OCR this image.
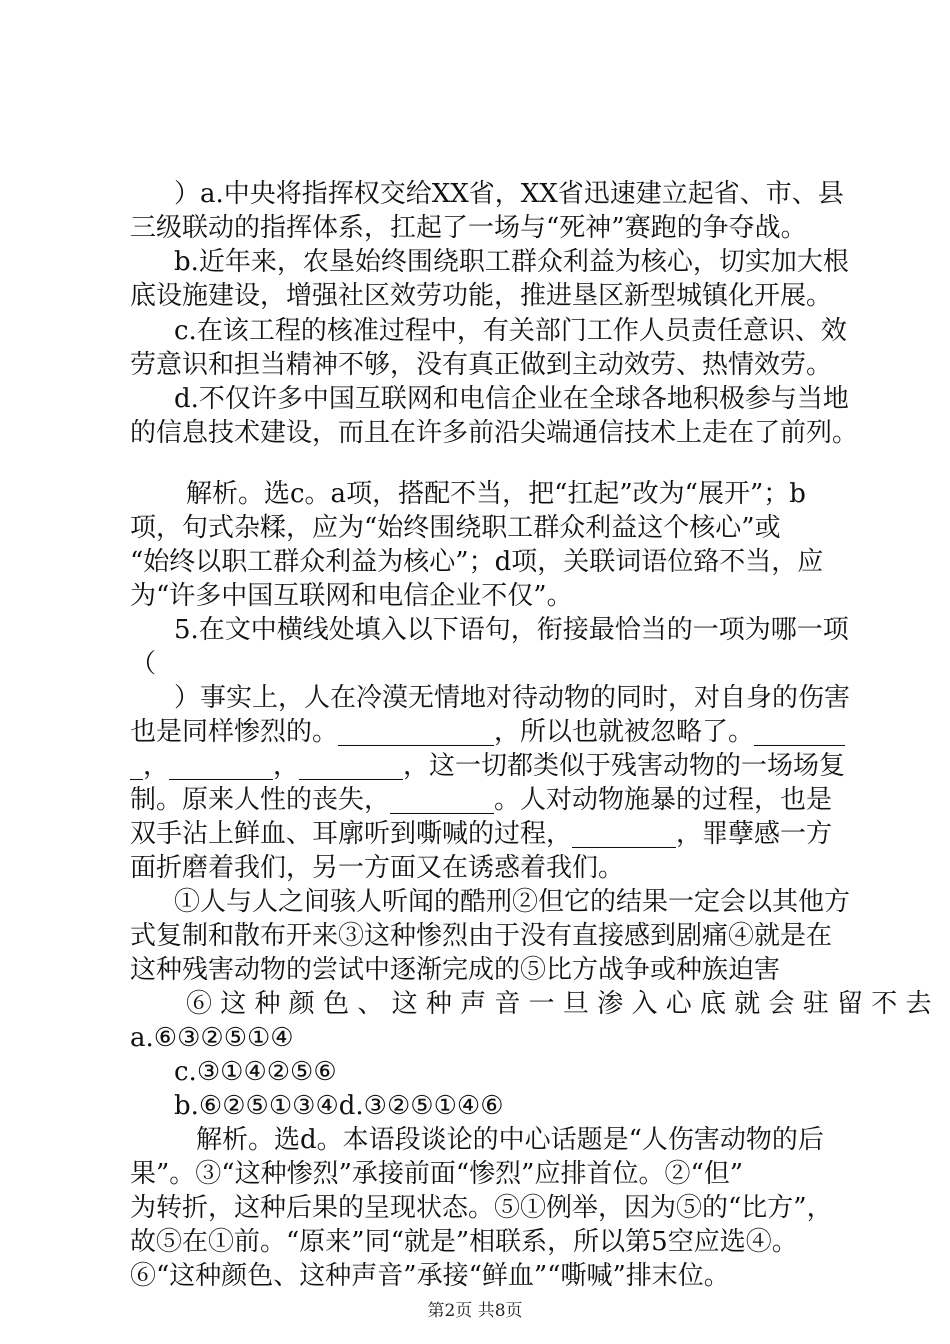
）a.中央将指挥权交给XX省，XX省迅速建立起省、市、县
三级联动的指挥体系，扛起了一场与“死神”赛跑的争夺战。
b.近年来，农垦始终围绕职工群众利益为核心，切实加大根
底设施建设，增强社区效劳功能，推进垦区新型城镇化开展。
c.在该工程的核准过程中，有关部门工作人员责任意识、效
劳意识和担当精神不够，没有真正做到主动效劳、热情效劳。
d.不仅许多中国互联网和电信企业在全球各地积极参与当地
的信息技术建设，而且在许多前沿尖端通信技术上走在了前列。
解析。选c。a项，搭配不当，把“扛起”改为“展开”；b
项，句式杂糅，应为“始终围绕职工群众利益这个核心”或
“始终以职工群众利益为核心”；d项，关联词语位臵不当，应
为“许多中国互联网和电信企业不仅”。
5.在文中横线处填入以下语句，衔接最恰当的一项为哪一项
（
）事实上，人在冷漠无情地对待动物的同时，对自身的伤害
也是同样惨烈的。____________，所以也就被忽略了。_______
_，________，________，这一切都类似于残害动物的一场场复
制。原来人性的丧失，________。人对动物施暴的过程，也是
双手沾上鲜血、耳廓听到嘶喊的过程，________，罪孽感一方
面折磨着我们，另一方面又在诱惑着我们。
①人与人之间骇人听闻的酷刑②但它的结果一定会以其他方
式复制和散布开来③这种惨烈由于没有直接感到剧痛④就是在
这种残害动物的尝试中逐渐完成的⑤比方战争或种族迫害
⑥ 这 种 颜 色 、 这 种 声 音 一 旦 渗 入 心 底 就 会 驻 留 不 去
a.⑥③②⑤①④
c.③①④②⑤⑥
b.⑥②⑤①③④d.③②⑤①④⑥
解析。选d。本语段谈论的中心话题是“人伤害动物的后
果”。③“这种惨烈”承接前面“惨烈”应排首位。②“但”
为转折，这种后果的呈现状态。⑤①例举，因为⑤的“比方”，
故⑤在①前。“原来”同“就是”相联系，所以第5空应选④。
⑥“这种颜色、这种声音”承接“鲜血”“嘶喊”排末位。
第2页 共8页
